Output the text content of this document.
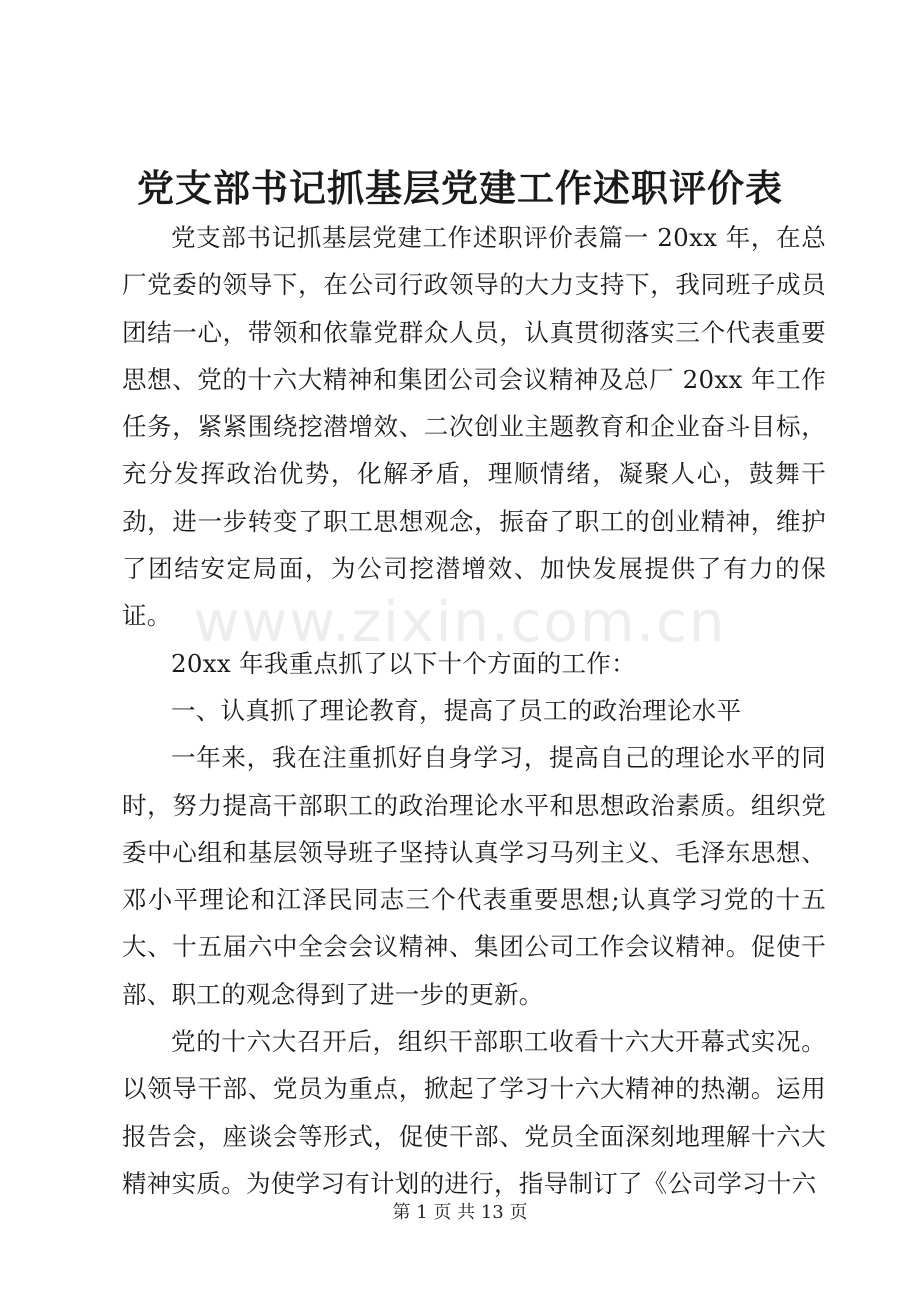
党支部书记抓基层党建工作述职评价表

党支部书记抓基层党建工作述职评价表篇一 20xx 年，在总厂党委的领导下，在公司行政领导的大力支持下，我同班子成员团结一心，带领和依靠党群众人员，认真贯彻落实三个代表重要思想、党的十六大精神和集团公司会议精神及总厂 20xx 年工作任务，紧紧围绕挖潜增效、二次创业主题教育和企业奋斗目标，充分发挥政治优势，化解矛盾，理顺情绪，凝聚人心，鼓舞干劲，进一步转变了职工思想观念，振奋了职工的创业精神，维护了团结安定局面，为公司挖潜增效、加快发展提供了有力的保证。

20xx 年我重点抓了以下十个方面的工作：

一、认真抓了理论教育，提高了员工的政治理论水平

一年来，我在注重抓好自身学习，提高自己的理论水平的同时，努力提高干部职工的政治理论水平和思想政治素质。组织党委中心组和基层领导班子坚持认真学习马列主义、毛泽东思想、邓小平理论和江泽民同志三个代表重要思想;认真学习党的十五大、十五届六中全会会议精神、集团公司工作会议精神。促使干部、职工的观念得到了进一步的更新。

党的十六大召开后，组织干部职工收看十六大开幕式实况。以领导干部、党员为重点，掀起了学习十六大精神的热潮。运用报告会，座谈会等形式，促使干部、党员全面深刻地理解十六大精神实质。为使学习有计划的进行，指导制订了《公司学习十六

www.zixin.com.cn
第 1 页 共 13 页
